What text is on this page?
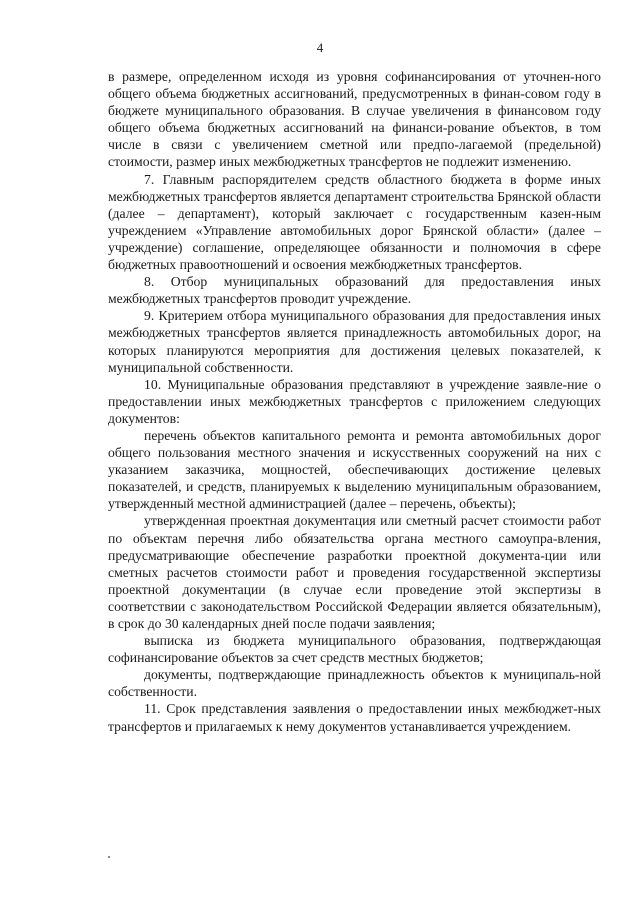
4

в размере, определенном исходя из уровня софинансирования от уточнен-ного общего объема бюджетных ассигнований, предусмотренных в финан-совом году в бюджете муниципального образования. В случае увеличения в финансовом году общего объема бюджетных ассигнований на финанси-рование объектов, в том числе в связи с увеличением сметной или предпо-лагаемой (предельной) стоимости, размер иных межбюджетных трансфертов не подлежит изменению.

7. Главным распорядителем средств областного бюджета в форме иных межбюджетных трансфертов является департамент строительства Брянской области (далее – департамент), который заключает с государственным казен-ным учреждением «Управление автомобильных дорог Брянской области» (далее – учреждение) соглашение, определяющее обязанности и полномочия в сфере бюджетных правоотношений и освоения межбюджетных трансфертов.

8. Отбор муниципальных образований для предоставления иных межбюджетных трансфертов проводит учреждение.

9. Критерием отбора муниципального образования для предоставления иных межбюджетных трансфертов является принадлежность автомобильных дорог, на которых планируются мероприятия для достижения целевых показателей, к муниципальной собственности.

10. Муниципальные образования представляют в учреждение заявле-ние о предоставлении иных межбюджетных трансфертов с приложением следующих документов:

перечень объектов капитального ремонта и ремонта автомобильных дорог общего пользования местного значения и искусственных сооружений на них с указанием заказчика, мощностей, обеспечивающих достижение целевых показателей, и средств, планируемых к выделению муниципальным образованием, утвержденный местной администрацией (далее – перечень, объекты);

утвержденная проектная документация или сметный расчет стоимости работ по объектам перечня либо обязательства органа местного самоупра-вления, предусматривающие обеспечение разработки проектной документа-ции или сметных расчетов стоимости работ и проведения государственной экспертизы проектной документации (в случае если проведение этой экспертизы в соответствии с законодательством Российской Федерации является обязательным), в срок до 30 календарных дней после подачи заявления;

выписка из бюджета муниципального образования, подтверждающая софинансирование объектов за счет средств местных бюджетов;

документы, подтверждающие принадлежность объектов к муниципаль-ной собственности.

11. Срок представления заявления о предоставлении иных межбюджет-ных трансфертов и прилагаемых к нему документов устанавливается учреждением.
